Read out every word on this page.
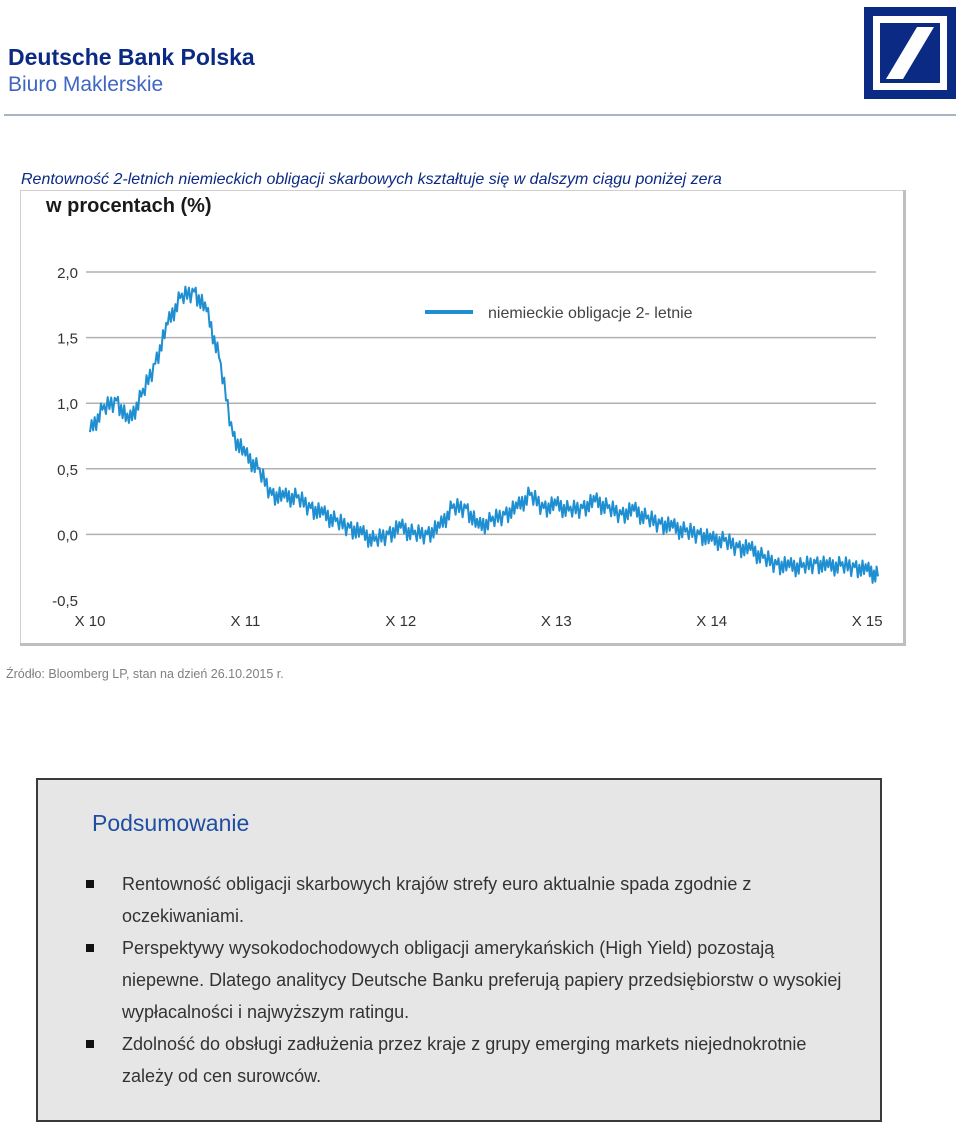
Deutsche Bank Polska
Biuro Maklerskie
Rentowność 2-letnich niemieckich obligacji skarbowych kształtuje się w dalszym ciągu poniżej zera
w procentach (%)
2,0
1,5
1,0
0,5
0,0
-0,5
X 10	X 11	X 12	X 13	X 14	X 15
niemieckie obligacje 2- letnie
Źródło: Bloomberg LP, stan na dzień 26.10.2015 r.
Podsumowanie
Rentowność obligacji skarbowych krajów strefy euro aktualnie spada zgodnie z oczekiwaniami.
Perspektywy wysokodochodowych obligacji amerykańskich (High Yield) pozostają niepewne. Dlatego analitycy Deutsche Banku preferują papiery przedsiębiorstw o wysokiej wypłacalności i najwyższym ratingu.
Zdolność do obsługi zadłużenia przez kraje z grupy emerging markets niejednokrotnie zależy od cen surowców.
